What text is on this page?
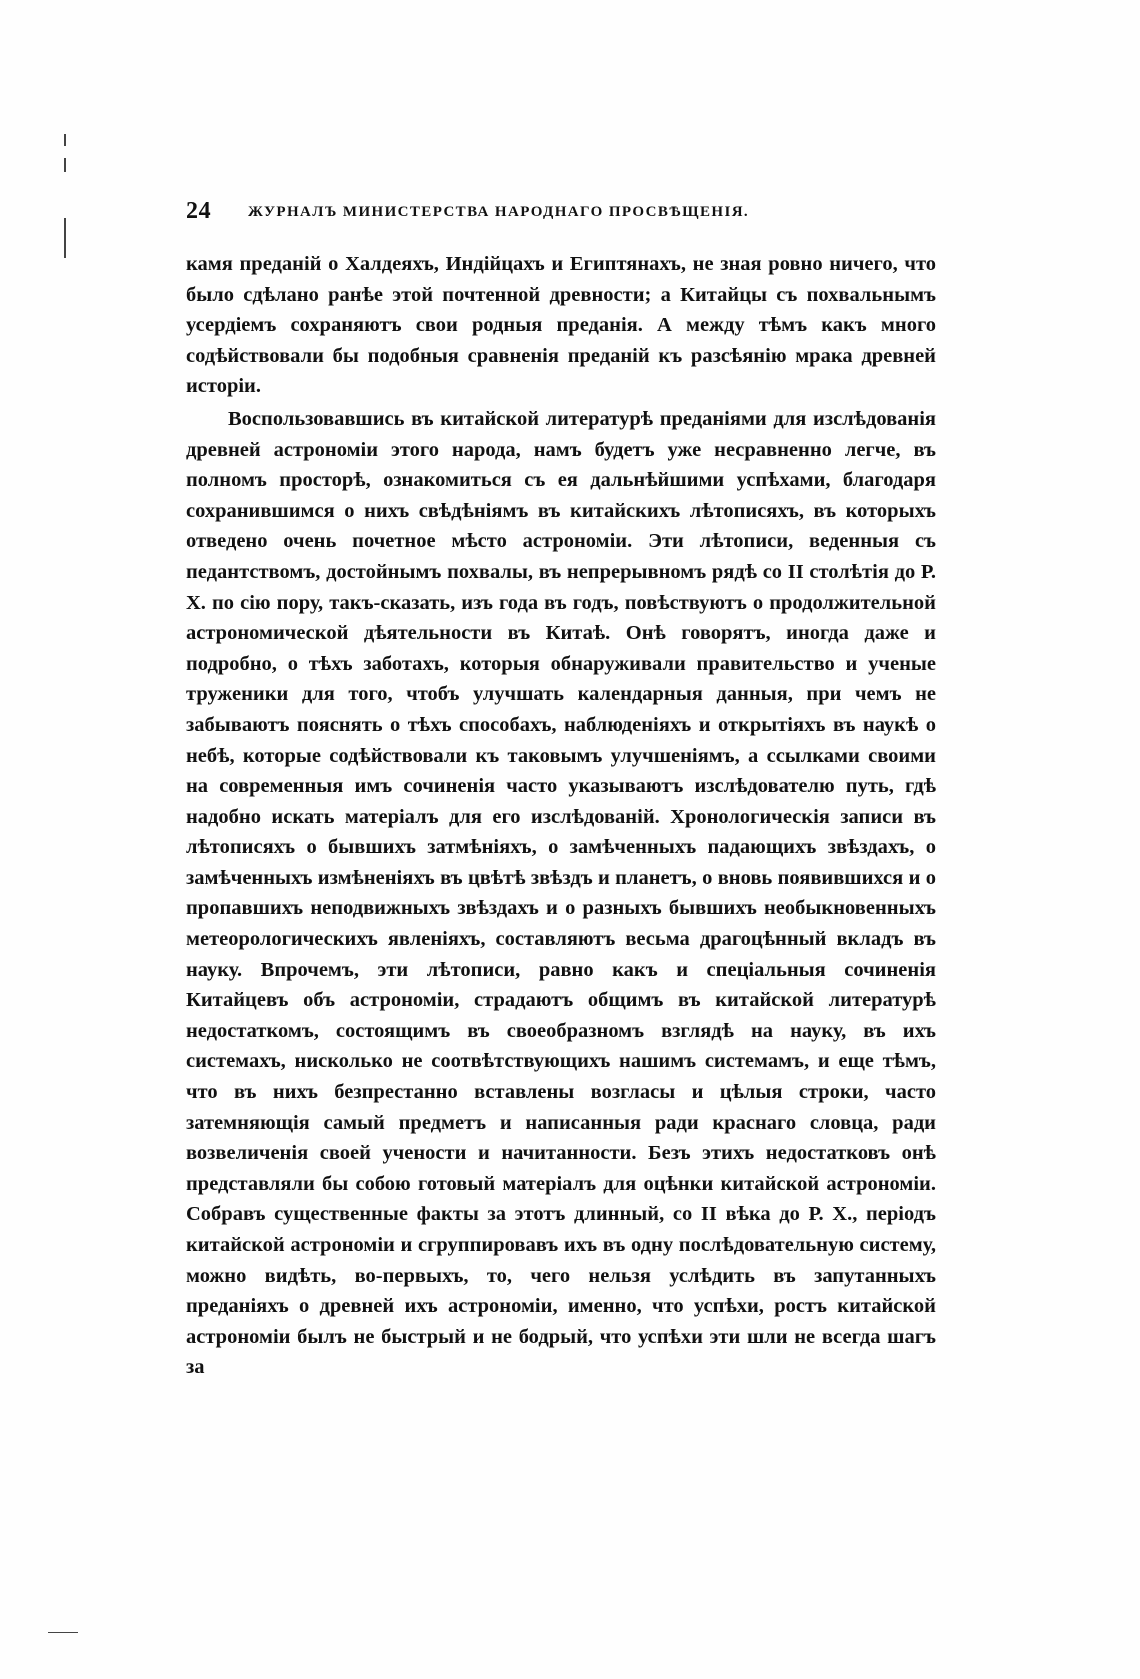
24 ЖУРНАЛЪ МИНИСТЕРСТВА НАРОДНАГО ПРОСВѢЩЕНІЯ.

камя преданій о Халдеяхъ, Индійцахъ и Египтянахъ, не зная ровно ничего, что было сдѣлано ранѣе этой почтенной древности; а Китайцы съ похвальнымъ усердіемъ сохраняютъ свои родныя преданія. А между тѣмъ какъ много содѣйствовали бы подобныя сравненія преданій къ разсѣянію мрака древней исторіи.

Воспользовавшись въ китайской литературѣ преданіями для изслѣдованія древней астрономіи этого народа, намъ будетъ уже несравненно легче, въ полномъ просторѣ, ознакомиться съ ея дальнѣйшими успѣхами, благодаря сохранившимся о нихъ свѣдѣніямъ въ китайскихъ лѣтописяхъ, въ которыхъ отведено очень почетное мѣсто астрономіи. Эти лѣтописи, веденныя съ педантствомъ, достойнымъ похвалы, въ непрерывномъ рядѣ со II столѣтія до Р. Х. по сію пору, такъ-сказать, изъ года въ годъ, повѣствуютъ о продолжительной астрономической дѣятельности въ Китаѣ. Онѣ говорятъ, иногда даже и подробно, о тѣхъ заботахъ, которыя обнаруживали правительство и ученые труженики для того, чтобъ улучшать календарныя данныя, при чемъ не забываютъ пояснять о тѣхъ способахъ, наблюденіяхъ и открытіяхъ въ наукѣ о небѣ, которые содѣйствовали къ таковымъ улучшеніямъ, а ссылками своими на современныя имъ сочиненія часто указываютъ изслѣдователю путь, гдѣ надобно искать матеріалъ для его изслѣдованій. Хронологическія записи въ лѣтописяхъ о бывшихъ затмѣніяхъ, о замѣченныхъ падающихъ звѣздахъ, о замѣченныхъ измѣненіяхъ въ цвѣтѣ звѣздъ и планетъ, о вновь появившихся и о пропавшихъ неподвижныхъ звѣздахъ и о разныхъ бывшихъ необыкновенныхъ метеорологическихъ явленіяхъ, составляютъ весьма драгоцѣнный вкладъ въ науку. Впрочемъ, эти лѣтописи, равно какъ и спеціальныя сочиненія Китайцевъ объ астрономіи, страдаютъ общимъ въ китайской литературѣ недостаткомъ, состоящимъ въ своеобразномъ взглядѣ на науку, въ ихъ системахъ, нисколько не соотвѣтствующихъ нашимъ системамъ, и еще тѣмъ, что въ нихъ безпрестанно вставлены возгласы и цѣлыя строки, часто затемняющія самый предметъ и написанныя ради краснаго словца, ради возвеличенія своей учености и начитанности. Безъ этихъ недостатковъ онѣ представляли бы собою готовый матеріалъ для оцѣнки китайской астрономіи. Собравъ существенные факты за этотъ длинный, со II вѣка до Р. Х., періодъ китайской астрономіи и сгруппировавъ ихъ въ одну послѣдовательную систему, можно видѣть, во-первыхъ, то, чего нельзя услѣдить въ запутанныхъ преданіяхъ о древней ихъ астрономіи, именно, что успѣхи, ростъ китайской астрономіи былъ не быстрый и не бодрый, что успѣхи эти шли не всегда шагъ за
